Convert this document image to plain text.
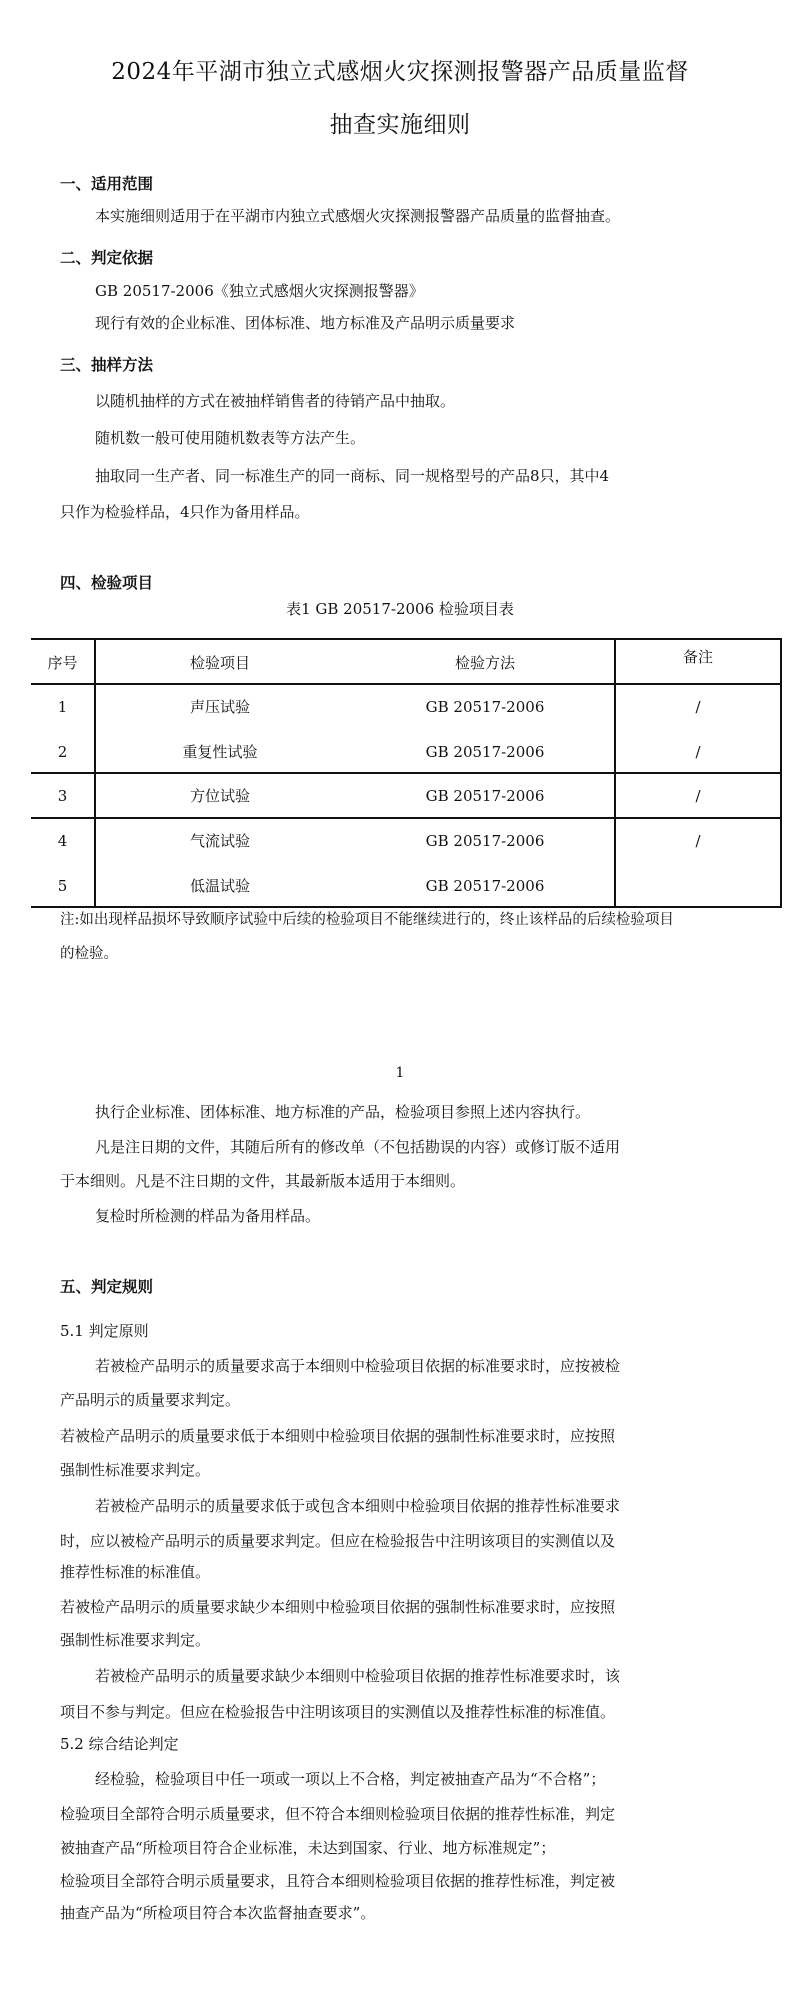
2024年平湖市独立式感烟火灾探测报警器产品质量监督
抽查实施细则
一、适用范围
本实施细则适用于在平湖市内独立式感烟火灾探测报警器产品质量的监督抽查。
二、判定依据
GB 20517-2006《独立式感烟火灾探测报警器》
现行有效的企业标准、团体标准、地方标准及产品明示质量要求
三、抽样方法
以随机抽样的方式在被抽样销售者的待销产品中抽取。
随机数一般可使用随机数表等方法产生。
抽取同一生产者、同一标准生产的同一商标、同一规格型号的产品8只，其中4
只作为检验样品，4只作为备用样品。
四、检验项目
表1 GB 20517-2006 检验项目表
序号	检验项目	检验方法	备注
1	声压试验	GB 20517-2006	/
2	重复性试验	GB 20517-2006	/
3	方位试验	GB 20517-2006	/
4	气流试验	GB 20517-2006	/
5	低温试验	GB 20517-2006
注:如出现样品损坏导致顺序试验中后续的检验项目不能继续进行的，终止该样品的后续检验项目
的检验。
1
执行企业标准、团体标准、地方标准的产品，检验项目参照上述内容执行。
凡是注日期的文件，其随后所有的修改单（不包括勘误的内容）或修订版不适用
于本细则。凡是不注日期的文件，其最新版本适用于本细则。
复检时所检测的样品为备用样品。
五、判定规则
5.1 判定原则
若被检产品明示的质量要求高于本细则中检验项目依据的标准要求时，应按被检
产品明示的质量要求判定。
若被检产品明示的质量要求低于本细则中检验项目依据的强制性标准要求时，应按照
强制性标准要求判定。
若被检产品明示的质量要求低于或包含本细则中检验项目依据的推荐性标准要求
时，应以被检产品明示的质量要求判定。但应在检验报告中注明该项目的实测值以及
推荐性标准的标准值。
若被检产品明示的质量要求缺少本细则中检验项目依据的强制性标准要求时，应按照
强制性标准要求判定。
若被检产品明示的质量要求缺少本细则中检验项目依据的推荐性标准要求时，该
项目不参与判定。但应在检验报告中注明该项目的实测值以及推荐性标准的标准值。
5.2 综合结论判定
经检验，检验项目中任一项或一项以上不合格，判定被抽查产品为“不合格”；
检验项目全部符合明示质量要求，但不符合本细则检验项目依据的推荐性标准，判定
被抽查产品“所检项目符合企业标准，未达到国家、行业、地方标准规定”；
检验项目全部符合明示质量要求，且符合本细则检验项目依据的推荐性标准，判定被
抽查产品为“所检项目符合本次监督抽查要求”。
